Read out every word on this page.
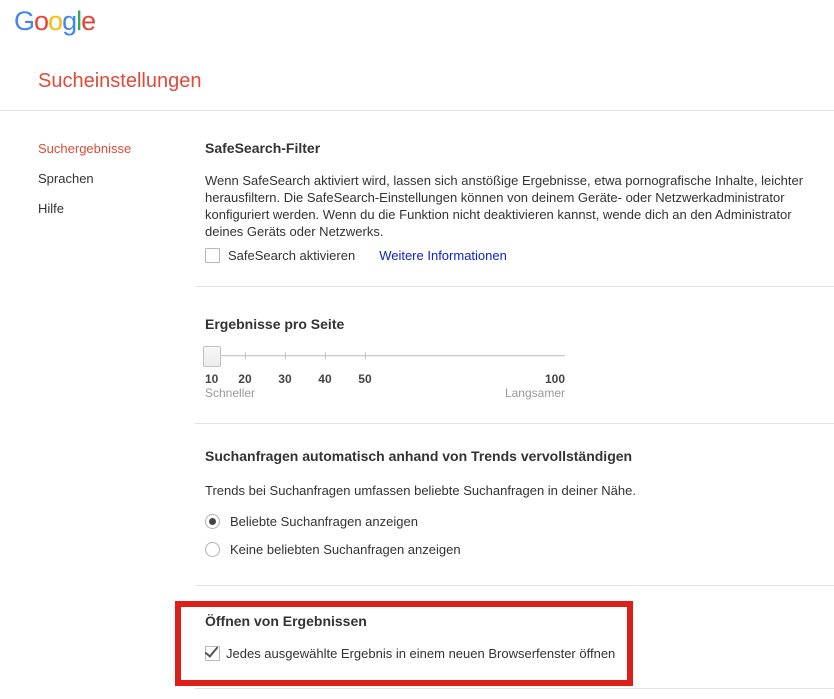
Google
Sucheinstellungen
Suchergebnisse
Sprachen
Hilfe
SafeSearch-Filter
Wenn SafeSearch aktiviert wird, lassen sich anstößige Ergebnisse, etwa pornografische Inhalte, leichter herausfiltern. Die SafeSearch-Einstellungen können von deinem Geräte- oder Netzwerkadministrator konfiguriert werden. Wenn du die Funktion nicht deaktivieren kannst, wende dich an den Administrator deines Geräts oder Netzwerks.
SafeSearch aktivieren Weitere Informationen
Ergebnisse pro Seite
10 20 30 40 50	100
Schneller	Langsamer
Suchanfragen automatisch anhand von Trends vervollständigen
Trends bei Suchanfragen umfassen beliebte Suchanfragen in deiner Nähe.
Beliebte Suchanfragen anzeigen
Keine beliebten Suchanfragen anzeigen
Öffnen von Ergebnissen
Jedes ausgewählte Ergebnis in einem neuen Browserfenster öffnen
